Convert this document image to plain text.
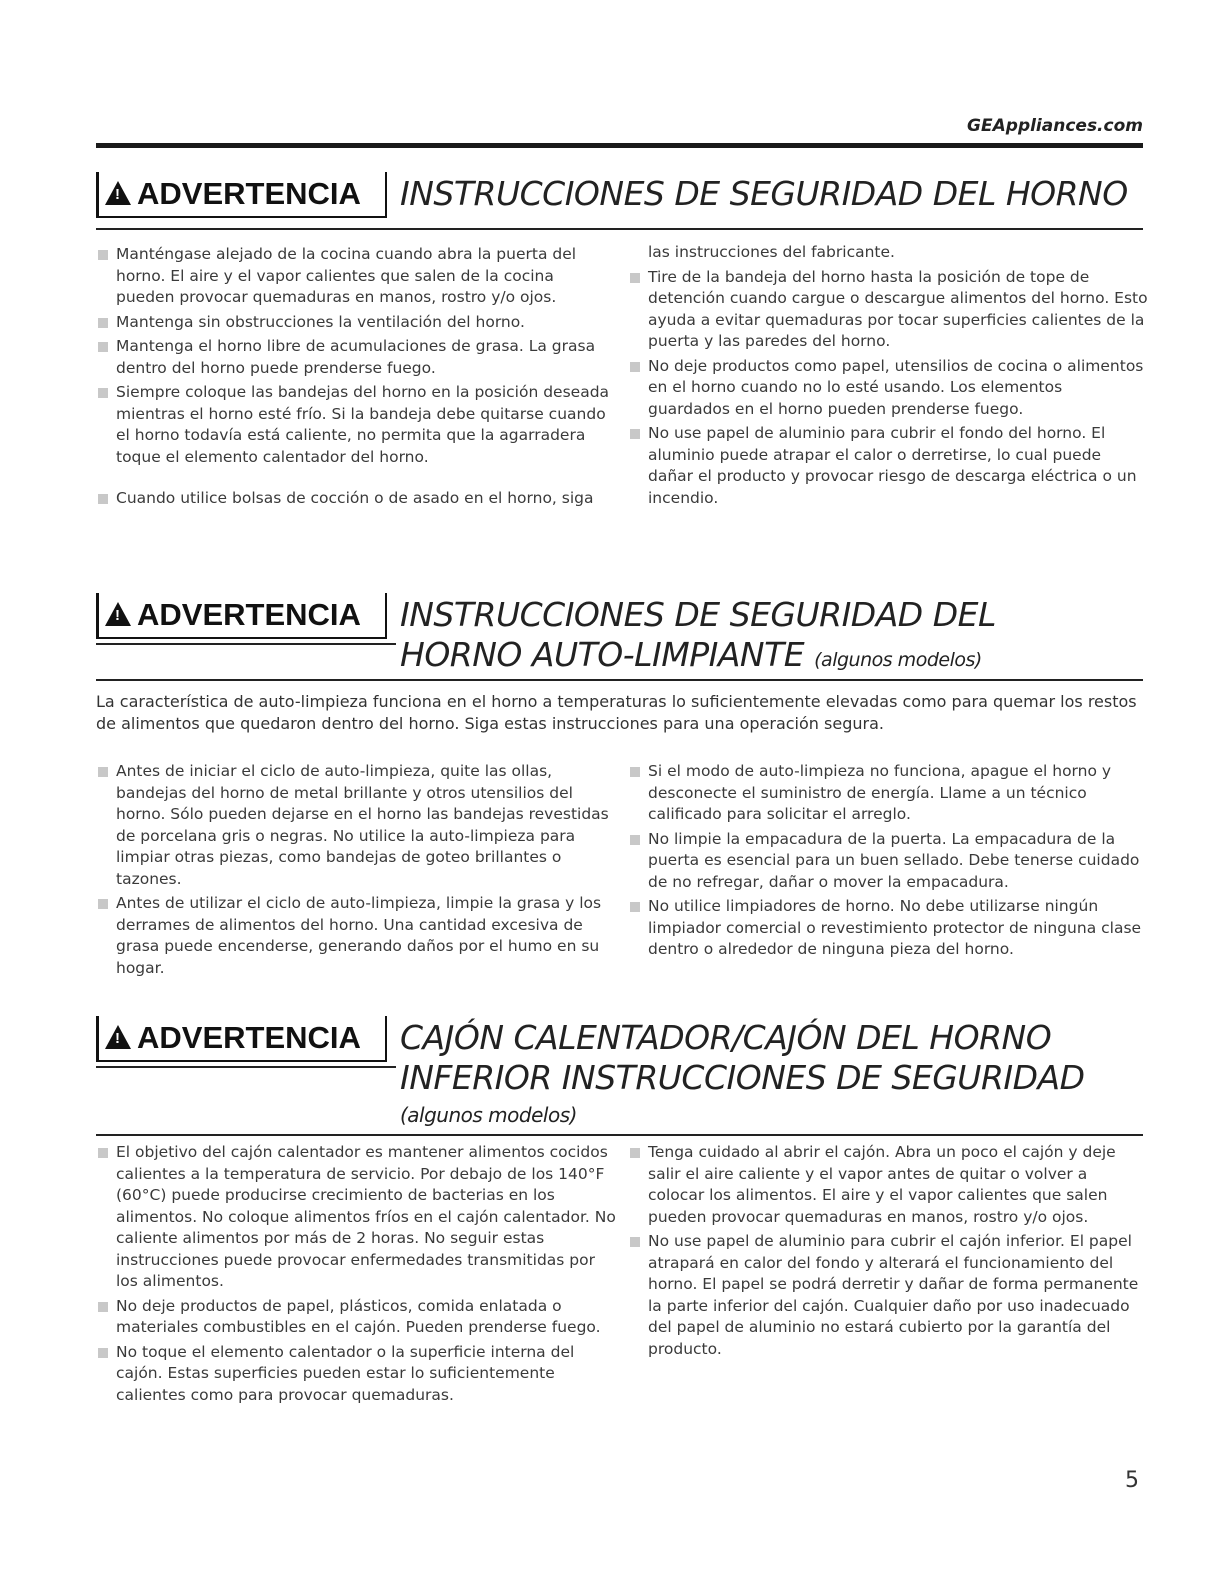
GEAppliances.com
!ADVERTENCIA	INSTRUCCIONES DE SEGURIDAD DEL HORNO
Manténgase alejado de la cocina cuando abra la puerta del horno. El aire y el vapor calientes que salen de la cocina pueden provocar quemaduras en manos, rostro y/o ojos.
Mantenga sin obstrucciones la ventilación del horno.
Mantenga el horno libre de acumulaciones de grasa. La grasa dentro del horno puede prenderse fuego.
Siempre coloque las bandejas del horno en la posición deseada mientras el horno esté frío. Si la bandeja debe quitarse cuando el horno todavía está caliente, no permita que la agarradera toque el elemento calentador del horno.
Cuando utilice bolsas de cocción o de asado en el horno, siga
las instrucciones del fabricante.
Tire de la bandeja del horno hasta la posición de tope de detención cuando cargue o descargue alimentos del horno. Esto ayuda a evitar quemaduras por tocar superficies calientes de la puerta y las paredes del horno.
No deje productos como papel, utensilios de cocina o alimentos en el horno cuando no lo esté usando. Los elementos guardados en el horno pueden prenderse fuego.
No use papel de aluminio para cubrir el fondo del horno. El aluminio puede atrapar el calor o derretirse, lo cual puede dañar el producto y provocar riesgo de descarga eléctrica o un incendio.
!ADVERTENCIA	INSTRUCCIONES DE SEGURIDAD DEL
HORNO AUTO-LIMPIANTE (algunos modelos)

La característica de auto-limpieza funciona en el horno a temperaturas lo suficientemente elevadas como para quemar los restos de alimentos que quedaron dentro del horno. Siga estas instrucciones para una operación segura.

Antes de iniciar el ciclo de auto-limpieza, quite las ollas, bandejas del horno de metal brillante y otros utensilios del horno. Sólo pueden dejarse en el horno las bandejas revestidas de porcelana gris o negras. No utilice la auto-limpieza para limpiar otras piezas, como bandejas de goteo brillantes o tazones.
Antes de utilizar el ciclo de auto-limpieza, limpie la grasa y los derrames de alimentos del horno. Una cantidad excesiva de grasa puede encenderse, generando daños por el humo en su hogar.
Si el modo de auto-limpieza no funciona, apague el horno y desconecte el suministro de energía. Llame a un técnico calificado para solicitar el arreglo.
No limpie la empacadura de la puerta. La empacadura de la puerta es esencial para un buen sellado. Debe tenerse cuidado de no refregar, dañar o mover la empacadura.
No utilice limpiadores de horno. No debe utilizarse ningún limpiador comercial o revestimiento protector de ninguna clase dentro o alrededor de ninguna pieza del horno.
!ADVERTENCIA	CAJÓN CALENTADOR/CAJÓN DEL HORNO
INFERIOR INSTRUCCIONES DE SEGURIDAD
(algunos modelos)
El objetivo del cajón calentador es mantener alimentos cocidos calientes a la temperatura de servicio. Por debajo de los 140°F (60°C) puede producirse crecimiento de bacterias en los alimentos. No coloque alimentos fríos en el cajón calentador. No caliente alimentos por más de 2 horas. No seguir estas instrucciones puede provocar enfermedades transmitidas por los alimentos.
No deje productos de papel, plásticos, comida enlatada o materiales combustibles en el cajón. Pueden prenderse fuego.
No toque el elemento calentador o la superficie interna del cajón. Estas superficies pueden estar lo suficientemente calientes como para provocar quemaduras.
Tenga cuidado al abrir el cajón. Abra un poco el cajón y deje salir el aire caliente y el vapor antes de quitar o volver a colocar los alimentos. El aire y el vapor calientes que salen pueden provocar quemaduras en manos, rostro y/o ojos.
No use papel de aluminio para cubrir el cajón inferior. El papel atrapará en calor del fondo y alterará el funcionamiento del horno. El papel se podrá derretir y dañar de forma permanente la parte inferior del cajón. Cualquier daño por uso inadecuado del papel de aluminio no estará cubierto por la garantía del producto.
5
